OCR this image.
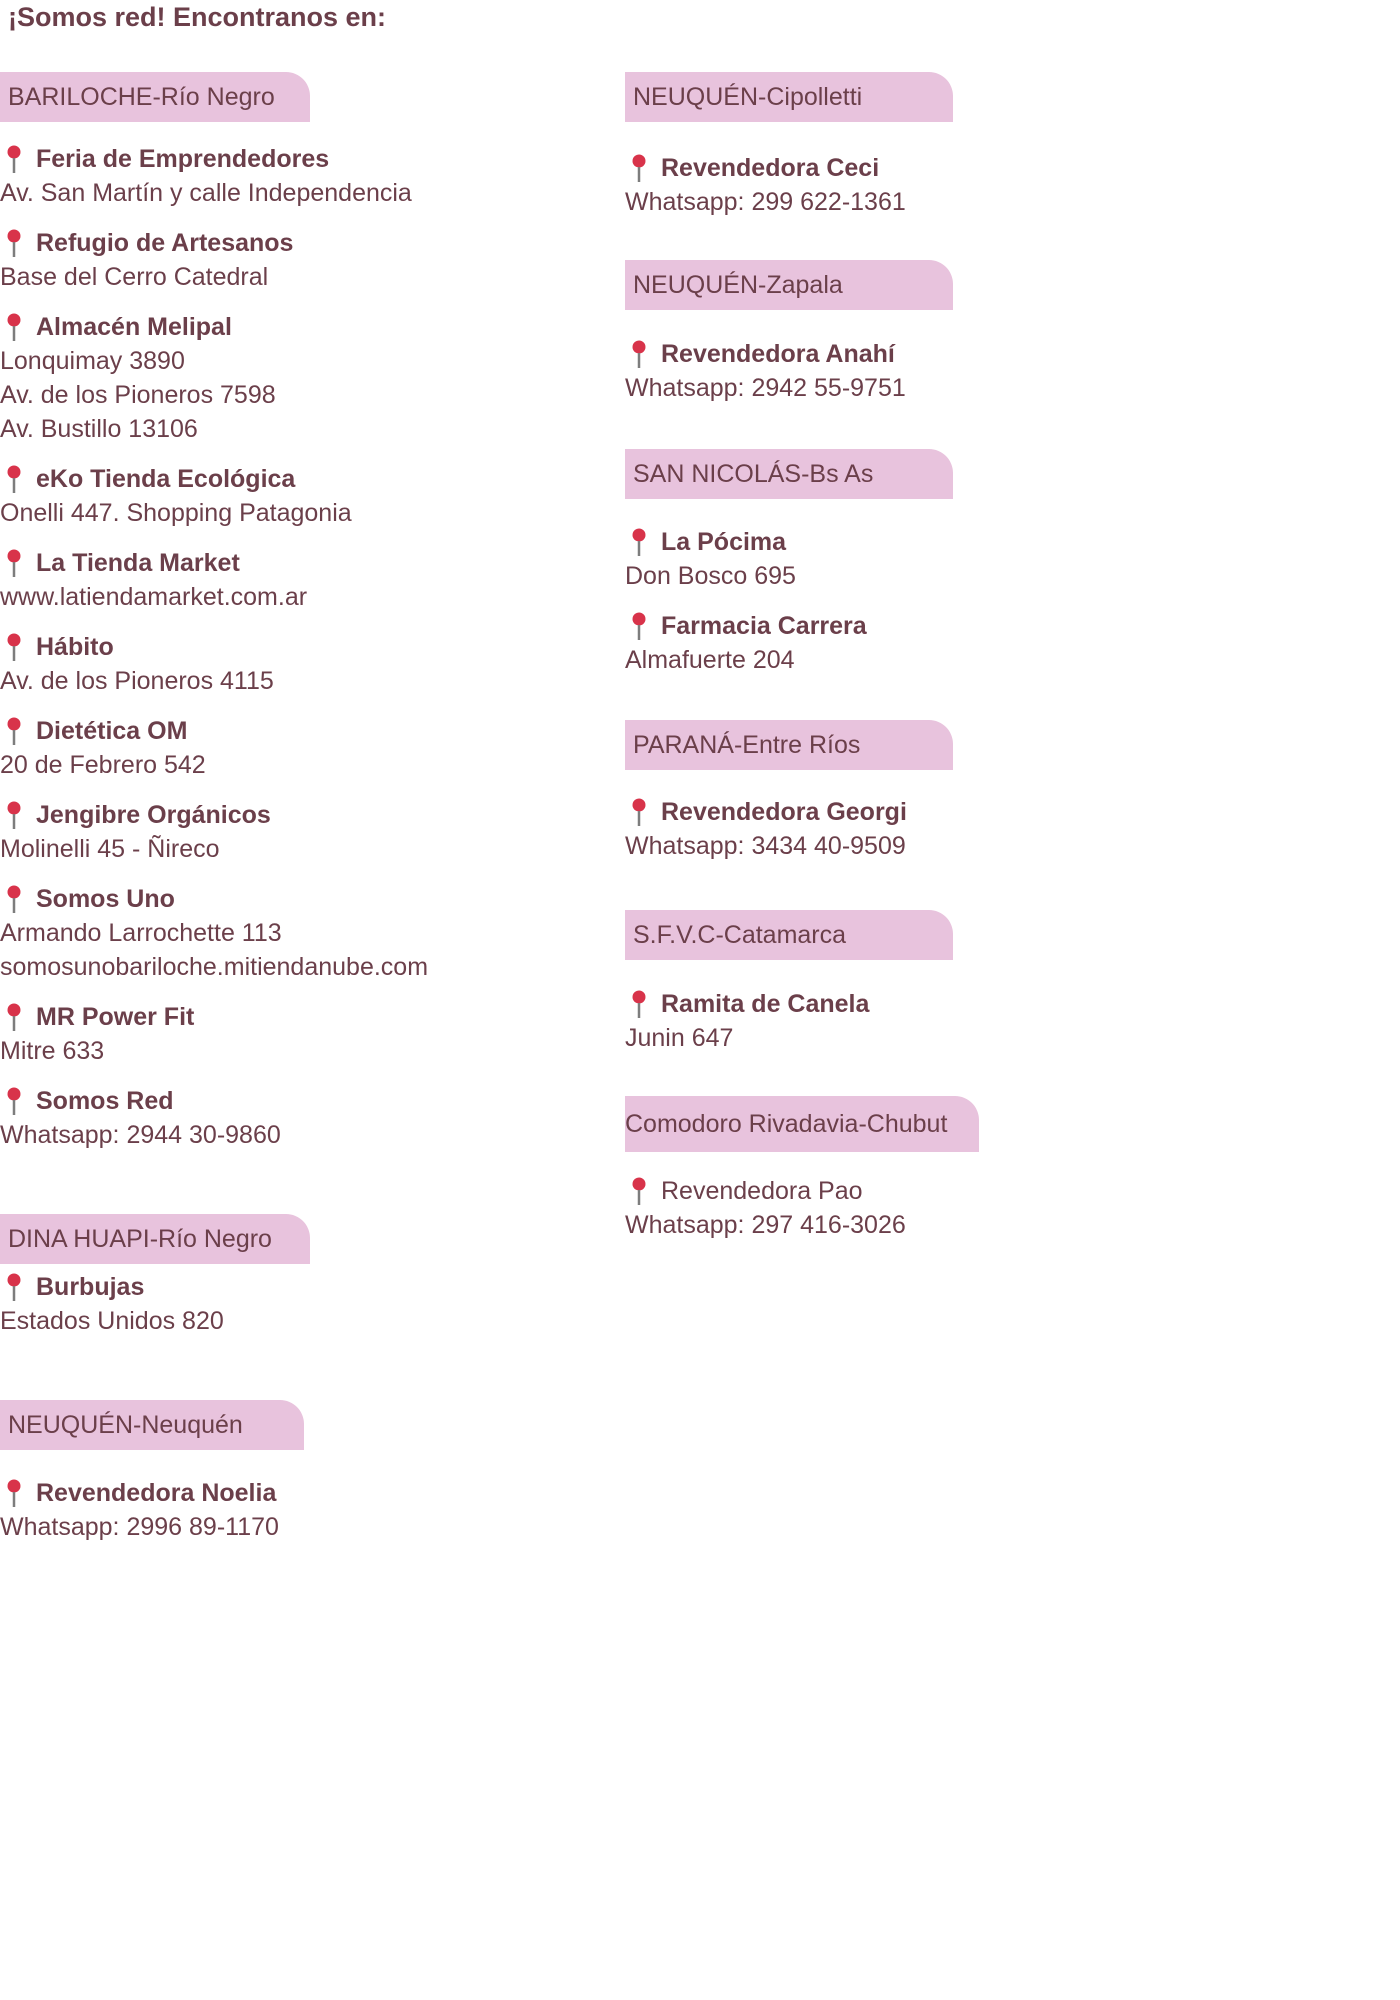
¡Somos red! Encontranos en:
BARILOCHE-Río Negro
Feria de Emprendedores
Av. San Martín y calle Independencia
Refugio de Artesanos
Base del Cerro Catedral
Almacén Melipal
Lonquimay 3890
Av. de los Pioneros 7598
Av. Bustillo 13106
eKo Tienda Ecológica
Onelli 447. Shopping Patagonia
La Tienda Market
www.latiendamarket.com.ar
Hábito
Av. de los Pioneros 4115
Dietética OM
20 de Febrero 542
Jengibre Orgánicos
Molinelli 45 - Ñireco
Somos Uno
Armando Larrochette 113
somosunobariloche.mitiendanube.com
MR Power Fit
Mitre 633
Somos Red
Whatsapp: 2944 30-9860
DINA HUAPI-Río Negro
Burbujas
Estados Unidos 820
NEUQUÉN-Neuquén
Revendedora Noelia
Whatsapp: 2996 89-1170
NEUQUÉN-Cipolletti
Revendedora Ceci
Whatsapp: 299 622-1361
NEUQUÉN-Zapala
Revendedora Anahí
Whatsapp: 2942 55-9751
SAN NICOLÁS-Bs As
La Pócima
Don Bosco 695
Farmacia Carrera
Almafuerte 204
PARANÁ-Entre Ríos
Revendedora Georgi
Whatsapp: 3434 40-9509
S.F.V.C-Catamarca
Ramita de Canela
Junin 647
Comodoro Rivadavia-Chubut
Revendedora Pao
Whatsapp: 297 416-3026
